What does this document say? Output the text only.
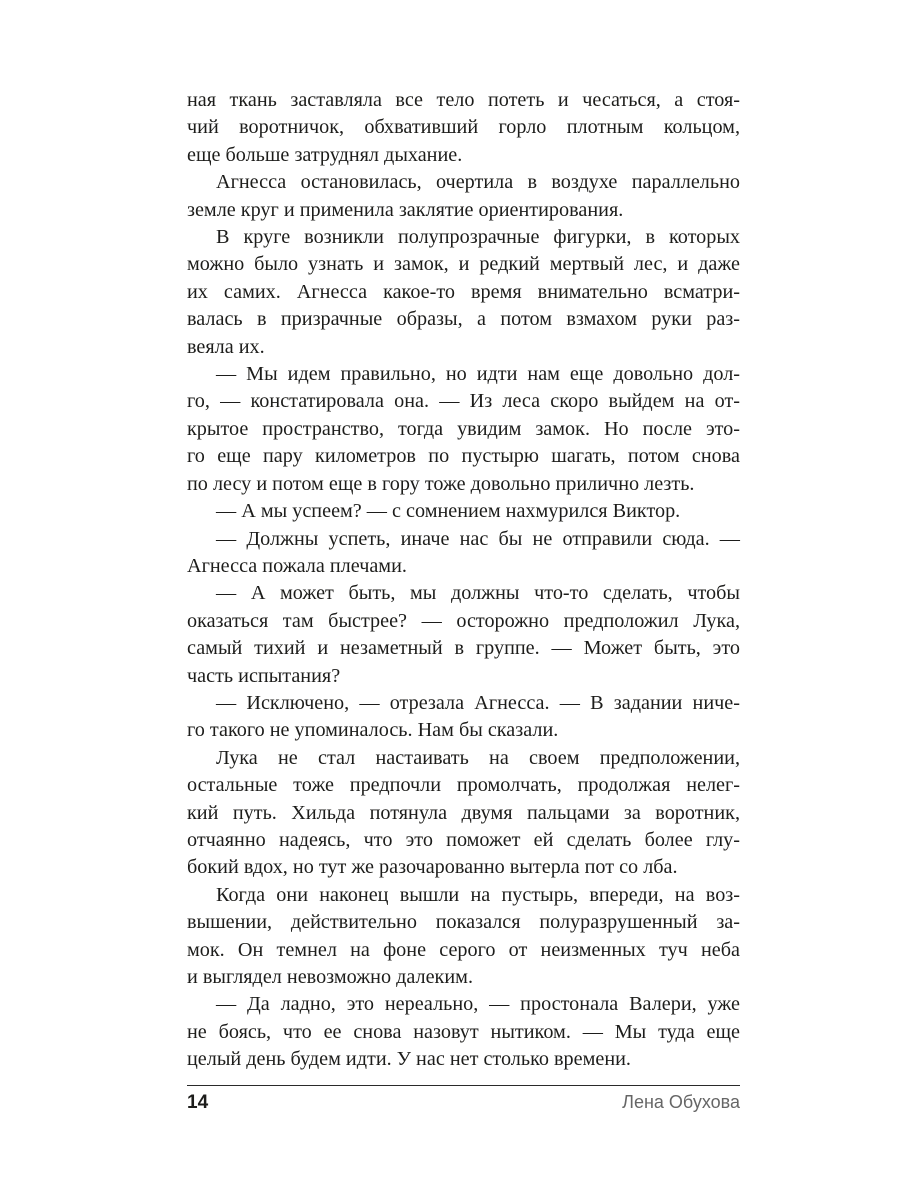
ная ткань заставляла все тело потеть и чесаться, а стоя-
чий воротничок, обхвативший горло плотным кольцом,
еще больше затруднял дыхание.

Агнесса остановилась, очертила в воздухе параллельно
земле круг и применила заклятие ориентирования.

В круге возникли полупрозрачные фигурки, в которых
можно было узнать и замок, и редкий мертвый лес, и даже
их самих. Агнесса какое-то время внимательно всматри-
валась в призрачные образы, а потом взмахом руки раз-
веяла их.

— Мы идем правильно, но идти нам еще довольно дол-
го, — констатировала она. — Из леса скоро выйдем на от-
крытое пространство, тогда увидим замок. Но после это-
го еще пару километров по пустырю шагать, потом снова
по лесу и потом еще в гору тоже довольно прилично лезть.

— А мы успеем? — с сомнением нахмурился Виктор.

— Должны успеть, иначе нас бы не отправили сюда. —
Агнесса пожала плечами.

— А может быть, мы должны что-то сделать, чтобы
оказаться там быстрее? — осторожно предположил Лука,
самый тихий и незаметный в группе. — Может быть, это
часть испытания?

— Исключено, — отрезала Агнесса. — В задании ниче-
го такого не упоминалось. Нам бы сказали.

Лука не стал настаивать на своем предположении,
остальные тоже предпочли промолчать, продолжая нелег-
кий путь. Хильда потянула двумя пальцами за воротник,
отчаянно надеясь, что это поможет ей сделать более глу-
бокий вдох, но тут же разочарованно вытерла пот со лба.

Когда они наконец вышли на пустырь, впереди, на воз-
вышении, действительно показался полуразрушенный за-
мок. Он темнел на фоне серого от неизменных туч неба
и выглядел невозможно далеким.

— Да ладно, это нереально, — простонала Валери, уже
не боясь, что ее снова назовут нытиком. — Мы туда еще
целый день будем идти. У нас нет столько времени.

14	Лена Обухова
